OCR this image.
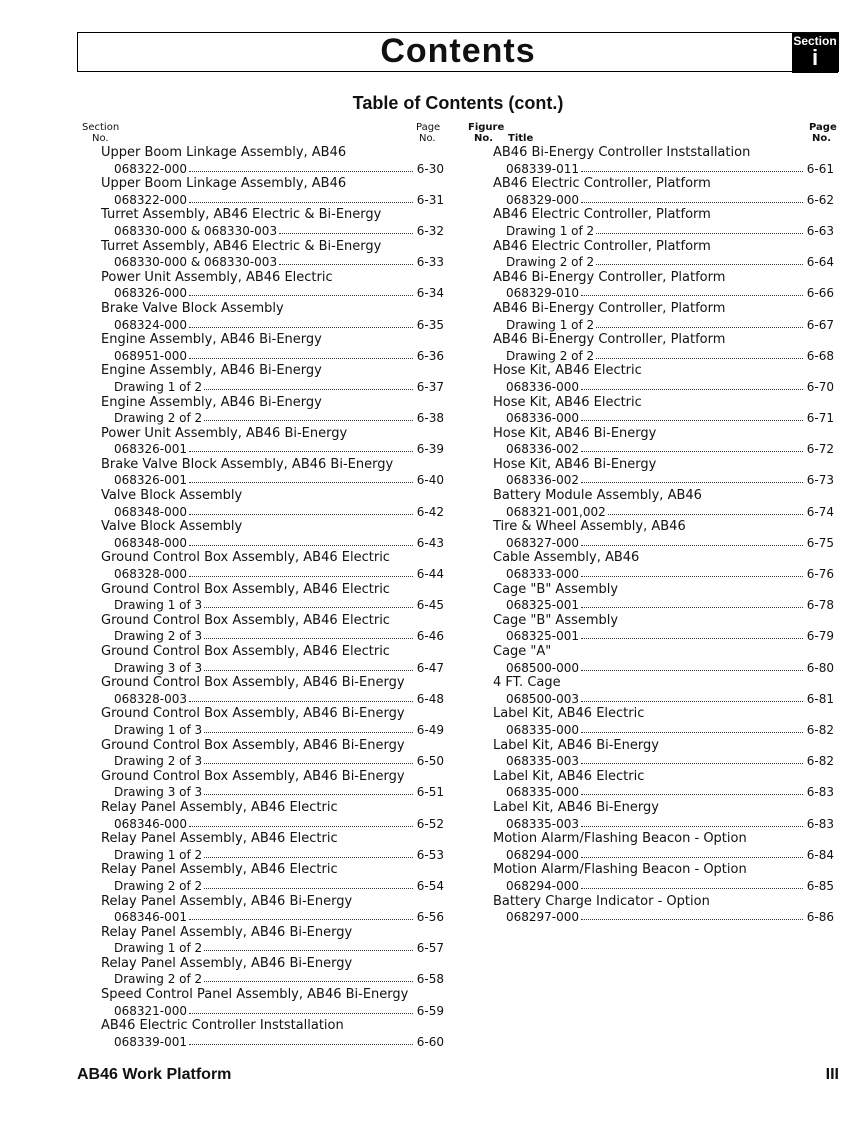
Contents	Section
i
Table of Contents (cont.)
Section
No.
Page
No.
Figure
No. Title
Page
No.
Upper Boom Linkage Assembly, AB46
068322-000	6-30
Upper Boom Linkage Assembly, AB46
068322-000	6-31
Turret Assembly, AB46 Electric & Bi-Energy
068330-000 & 068330-003	6-32
Turret Assembly, AB46 Electric & Bi-Energy
068330-000 & 068330-003	6-33
Power Unit Assembly, AB46 Electric
068326-000	6-34
Brake Valve Block Assembly
068324-000	6-35
Engine Assembly, AB46 Bi-Energy
068951-000	6-36
Engine Assembly, AB46 Bi-Energy
Drawing 1 of 2	6-37
Engine Assembly, AB46 Bi-Energy
Drawing 2 of 2	6-38
Power Unit Assembly, AB46 Bi-Energy
068326-001	6-39
Brake Valve Block Assembly, AB46 Bi-Energy
068326-001	6-40
Valve Block Assembly
068348-000	6-42
Valve Block Assembly
068348-000	6-43
Ground Control Box Assembly, AB46 Electric
068328-000	6-44
Ground Control Box Assembly, AB46 Electric
Drawing 1 of 3	6-45
Ground Control Box Assembly, AB46 Electric
Drawing 2 of 3	6-46
Ground Control Box Assembly, AB46 Electric
Drawing 3 of 3	6-47
Ground Control Box Assembly, AB46 Bi-Energy
068328-003	6-48
Ground Control Box Assembly, AB46 Bi-Energy
Drawing 1 of 3	6-49
Ground Control Box Assembly, AB46 Bi-Energy
Drawing 2 of 3	6-50
Ground Control Box Assembly, AB46 Bi-Energy
Drawing 3 of 3	6-51
Relay Panel Assembly, AB46 Electric
068346-000	6-52
Relay Panel Assembly, AB46 Electric
Drawing 1 of 2	6-53
Relay Panel Assembly, AB46 Electric
Drawing 2 of 2	6-54
Relay Panel Assembly, AB46 Bi-Energy
068346-001	6-56
Relay Panel Assembly, AB46 Bi-Energy
Drawing 1 of 2	6-57
Relay Panel Assembly, AB46 Bi-Energy
Drawing 2 of 2	6-58
Speed Control Panel Assembly, AB46 Bi-Energy
068321-000	6-59
AB46 Electric Controller Inststallation
068339-001	6-60
AB46 Bi-Energy Controller Inststallation
068339-011	6-61
AB46 Electric Controller, Platform
068329-000	6-62
AB46 Electric Controller, Platform
Drawing 1 of 2	6-63
AB46 Electric Controller, Platform
Drawing 2 of 2	6-64
AB46 Bi-Energy Controller, Platform
068329-010	6-66
AB46 Bi-Energy Controller, Platform
Drawing 1 of 2	6-67
AB46 Bi-Energy Controller, Platform
Drawing 2 of 2	6-68
Hose Kit, AB46 Electric
068336-000	6-70
Hose Kit, AB46 Electric
068336-000	6-71
Hose Kit, AB46 Bi-Energy
068336-002	6-72
Hose Kit, AB46 Bi-Energy
068336-002	6-73
Battery Module Assembly, AB46
068321-001,002	6-74
Tire & Wheel Assembly, AB46
068327-000	6-75
Cable Assembly, AB46
068333-000	6-76
Cage "B" Assembly
068325-001	6-78
Cage "B" Assembly
068325-001	6-79
Cage "A"
068500-000	6-80
4 FT. Cage
068500-003	6-81
Label Kit, AB46 Electric
068335-000	6-82
Label Kit, AB46 Bi-Energy
068335-003	6-82
Label Kit, AB46 Electric
068335-000	6-83
Label Kit, AB46 Bi-Energy
068335-003	6-83
Motion Alarm/Flashing Beacon - Option
068294-000	6-84
Motion Alarm/Flashing Beacon - Option
068294-000	6-85
Battery Charge Indicator - Option
068297-000	6-86
AB46 Work Platform	III
